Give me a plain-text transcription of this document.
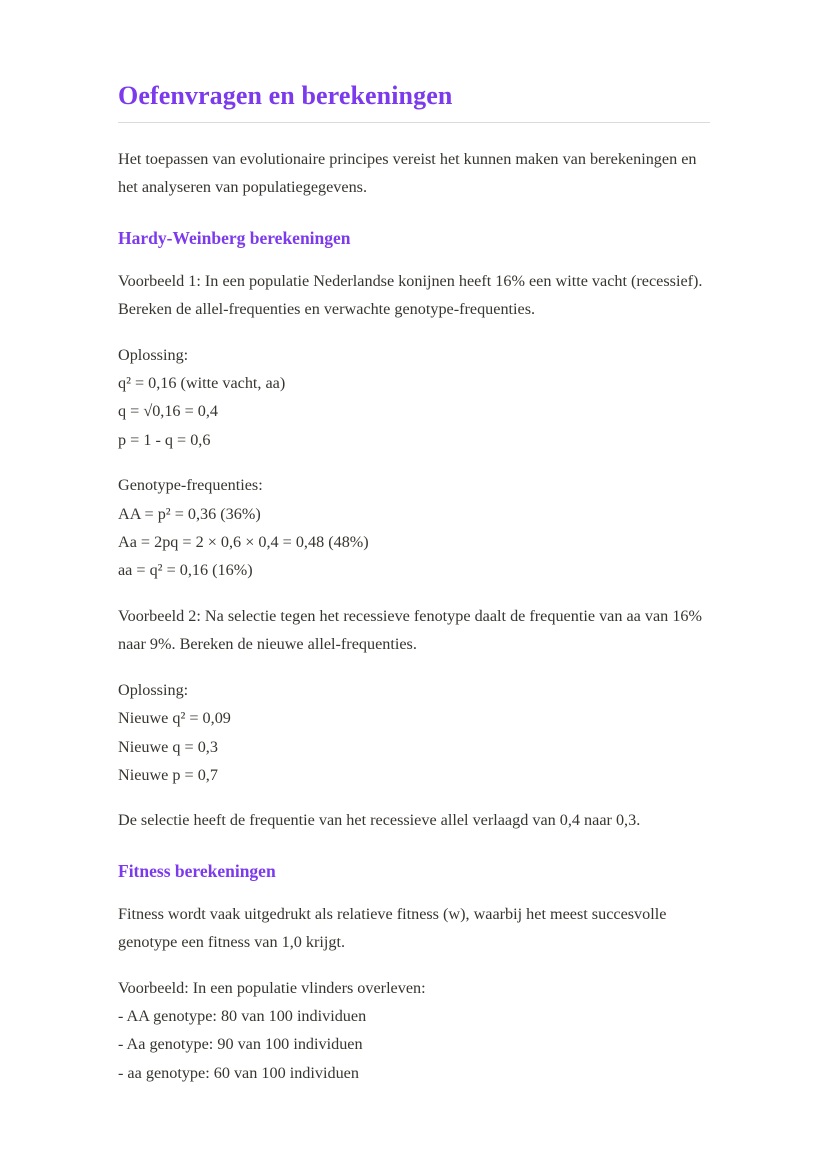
Oefenvragen en berekeningen

Het toepassen van evolutionaire principes vereist het kunnen maken van berekeningen en
het analyseren van populatiegegevens.

Hardy-Weinberg berekeningen

Voorbeeld 1: In een populatie Nederlandse konijnen heeft 16% een witte vacht (recessief).
Bereken de allel-frequenties en verwachte genotype-frequenties.

Oplossing:
q² = 0,16 (witte vacht, aa)
q = √0,16 = 0,4
p = 1 - q = 0,6

Genotype-frequenties:
AA = p² = 0,36 (36%)
Aa = 2pq = 2 × 0,6 × 0,4 = 0,48 (48%)
aa = q² = 0,16 (16%)

Voorbeeld 2: Na selectie tegen het recessieve fenotype daalt de frequentie van aa van 16%
naar 9%. Bereken de nieuwe allel-frequenties.

Oplossing:
Nieuwe q² = 0,09
Nieuwe q = 0,3
Nieuwe p = 0,7

De selectie heeft de frequentie van het recessieve allel verlaagd van 0,4 naar 0,3.

Fitness berekeningen

Fitness wordt vaak uitgedrukt als relatieve fitness (w), waarbij het meest succesvolle
genotype een fitness van 1,0 krijgt.

Voorbeeld: In een populatie vlinders overleven:
- AA genotype: 80 van 100 individuen
- Aa genotype: 90 van 100 individuen
- aa genotype: 60 van 100 individuen
